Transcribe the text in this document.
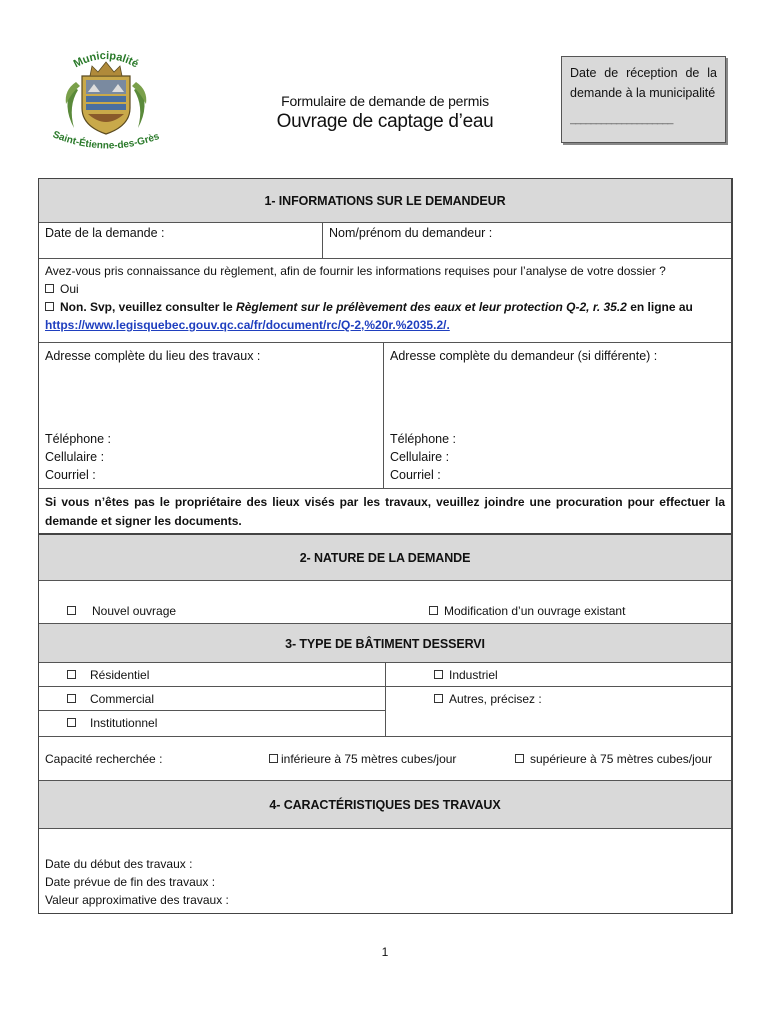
Municipalité
Saint-Étienne-des-Grès
Formulaire de demande de permis
Ouvrage de captage d’eau
Date de réception de la demande à la municipalité
____________________
1- INFORMATIONS SUR LE DEMANDEUR
Date de la demande :	Nom/prénom du demandeur :
Avez-vous pris connaissance du règlement, afin de fournir les informations requises pour l’analyse de votre dossier ?
Oui
Non. Svp, veuillez consulter le Règlement sur le prélèvement des eaux et leur protection Q-2, r. 35.2 en ligne au
https://www.legisquebec.gouv.qc.ca/fr/document/rc/Q-2,%20r.%2035.2/.
Adresse complète du lieu des travaux :
Téléphone :
Cellulaire :
Courriel :
Adresse complète du demandeur (si différente) :
Téléphone :
Cellulaire :
Courriel :
Si vous n’êtes pas le propriétaire des lieux visés par les travaux, veuillez joindre une procuration pour effectuer la demande et signer les documents.
2- NATURE DE LA DEMANDE
Nouvel ouvrage	Modification d’un ouvrage existant
3- TYPE DE BÂTIMENT DESSERVI
Résidentiel
Commercial
Institutionnel
Industriel
Autres, précisez :
Capacité recherchée :	inférieure à 75 mètres cubes/jour	supérieure à 75 mètres cubes/jour
4- CARACTÉRISTIQUES DES TRAVAUX
Date du début des travaux :
Date prévue de fin des travaux :
Valeur approximative des travaux :
1
